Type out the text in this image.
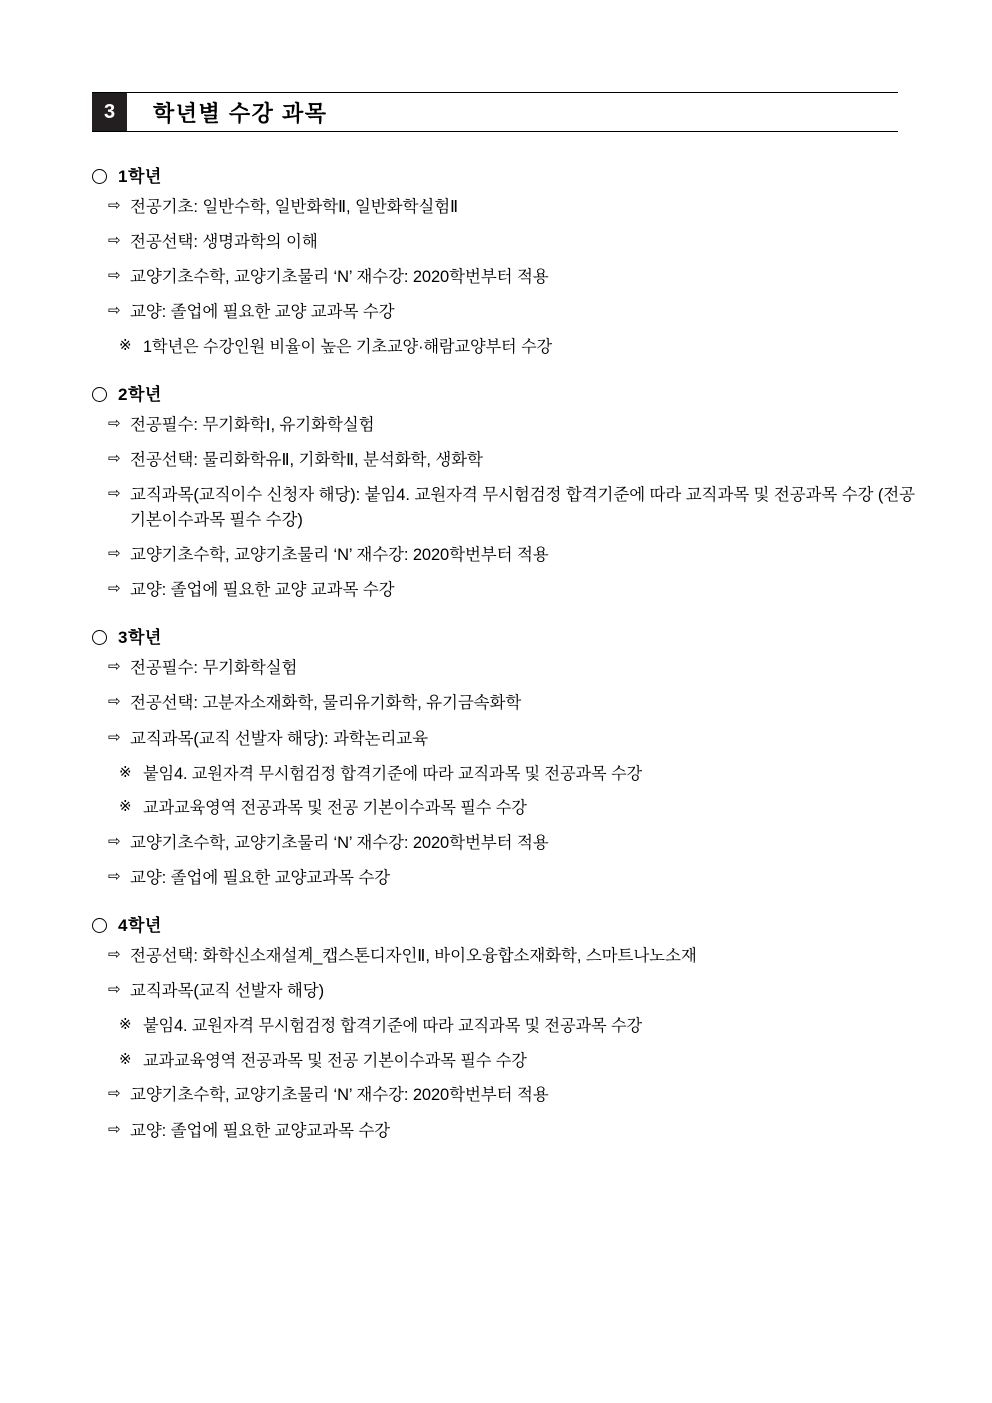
3	학년별 수강 과목
1학년
⇨ 전공기초: 일반수학, 일반화학Ⅱ, 일반화학실험Ⅱ
⇨ 전공선택: 생명과학의 이해
⇨ 교양기초수학, 교양기초물리 ‘N’ 재수강: 2020학번부터 적용
⇨ 교양: 졸업에 필요한 교양 교과목 수강
※ 1학년은 수강인원 비율이 높은 기초교양·해람교양부터 수강
2학년
⇨ 전공필수: 무기화학Ⅰ, 유기화학실험
⇨ 전공선택: 물리화학유Ⅱ, 기화학Ⅱ, 분석화학, 생화학
⇨ 교직과목(교직이수 신청자 해당): 붙임4. 교원자격 무시험검정 합격기준에 따라 교직과목 및 전공과목 수강 (전공 기본이수과목 필수 수강)
⇨ 교양기초수학, 교양기초물리 ‘N’ 재수강: 2020학번부터 적용
⇨ 교양: 졸업에 필요한 교양 교과목 수강
3학년
⇨ 전공필수: 무기화학실험
⇨ 전공선택: 고분자소재화학, 물리유기화학, 유기금속화학
⇨ 교직과목(교직 선발자 해당): 과학논리교육
※ 붙임4. 교원자격 무시험검정 합격기준에 따라 교직과목 및 전공과목 수강
※ 교과교육영역 전공과목 및 전공 기본이수과목 필수 수강
⇨ 교양기초수학, 교양기초물리 ‘N’ 재수강: 2020학번부터 적용
⇨ 교양: 졸업에 필요한 교양교과목 수강
4학년
⇨ 전공선택: 화학신소재설계_캡스톤디자인Ⅱ, 바이오융합소재화학, 스마트나노소재
⇨ 교직과목(교직 선발자 해당)
※ 붙임4. 교원자격 무시험검정 합격기준에 따라 교직과목 및 전공과목 수강
※ 교과교육영역 전공과목 및 전공 기본이수과목 필수 수강
⇨ 교양기초수학, 교양기초물리 ‘N’ 재수강: 2020학번부터 적용
⇨ 교양: 졸업에 필요한 교양교과목 수강
